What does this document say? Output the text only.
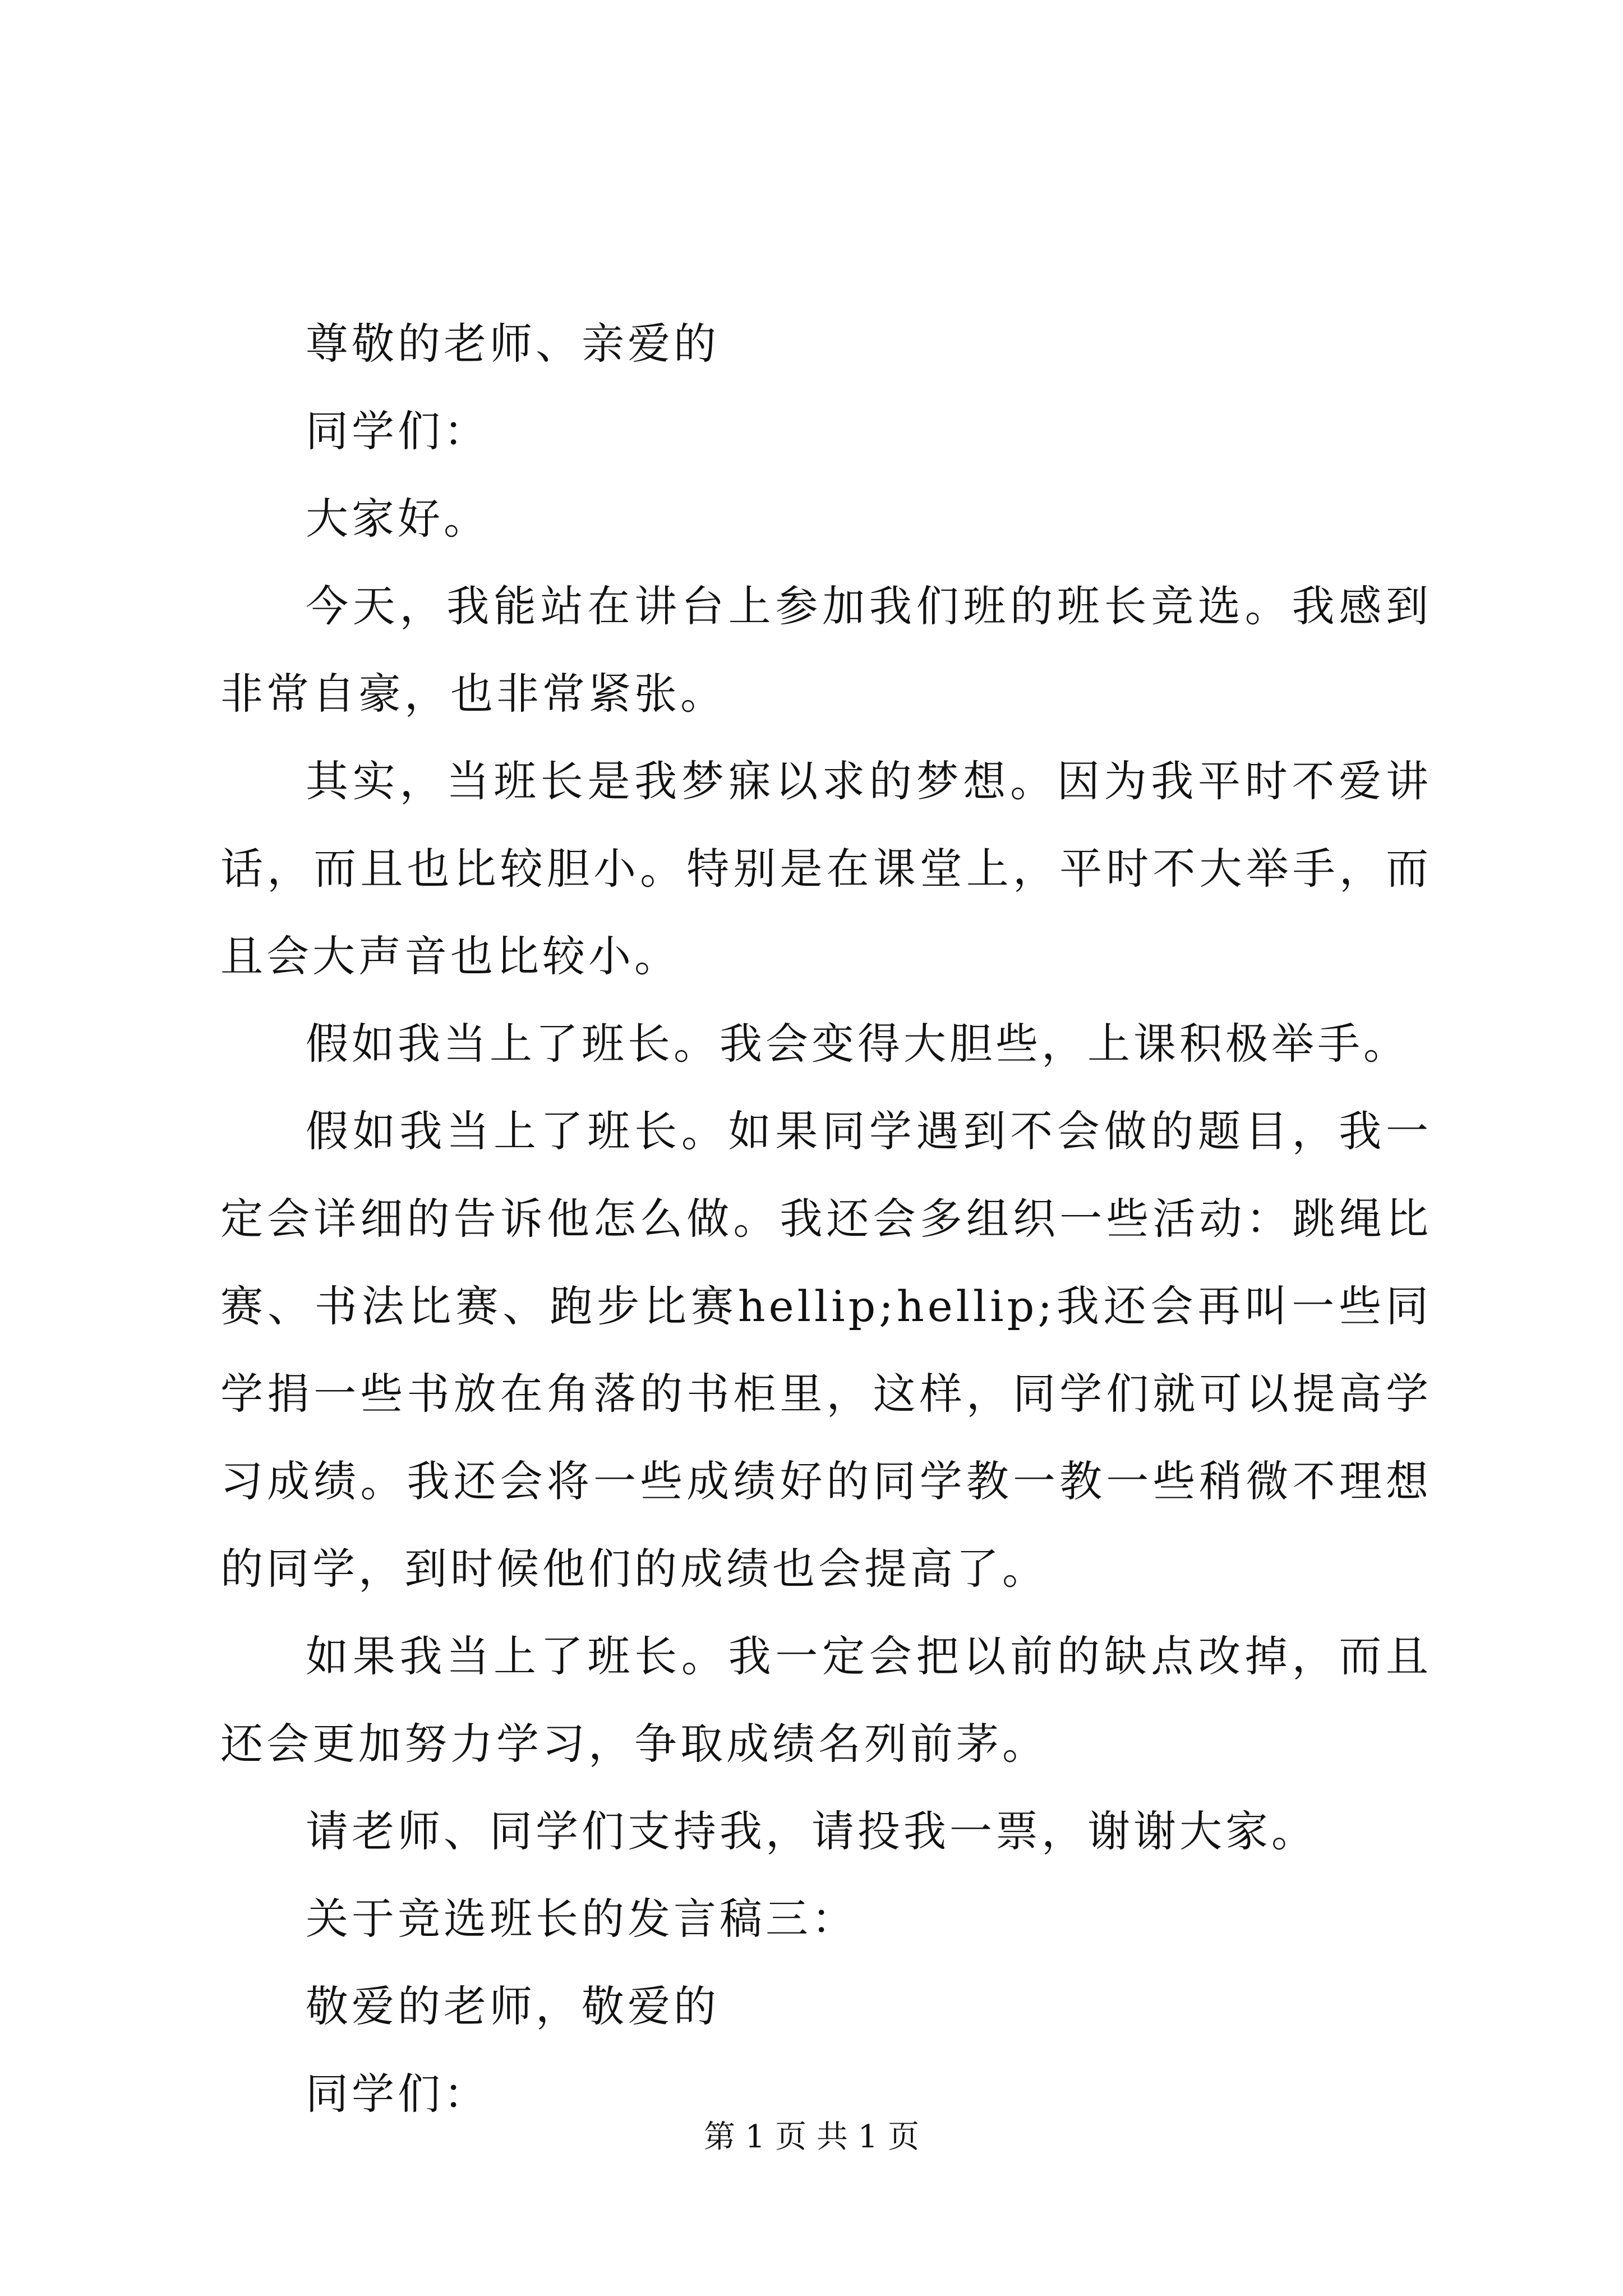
尊敬的老师、亲爱的

同学们：

大家好。

今天，我能站在讲台上参加我们班的班长竞选。我感到非常自豪，也非常紧张。

其实，当班长是我梦寐以求的梦想。因为我平时不爱讲话，而且也比较胆小。特别是在课堂上，平时不大举手，而且会大声音也比较小。

假如我当上了班长。我会变得大胆些，上课积极举手。

假如我当上了班长。如果同学遇到不会做的题目，我一定会详细的告诉他怎么做。我还会多组织一些活动：跳绳比赛、书法比赛、跑步比赛hellip;hellip;我还会再叫一些同学捐一些书放在角落的书柜里，这样，同学们就可以提高学习成绩。我还会将一些成绩好的同学教一教一些稍微不理想的同学，到时候他们的成绩也会提高了。

如果我当上了班长。我一定会把以前的缺点改掉，而且还会更加努力学习，争取成绩名列前茅。

请老师、同学们支持我，请投我一票，谢谢大家。

关于竞选班长的发言稿三：

敬爱的老师，敬爱的

同学们：

第 1 页 共 1 页
